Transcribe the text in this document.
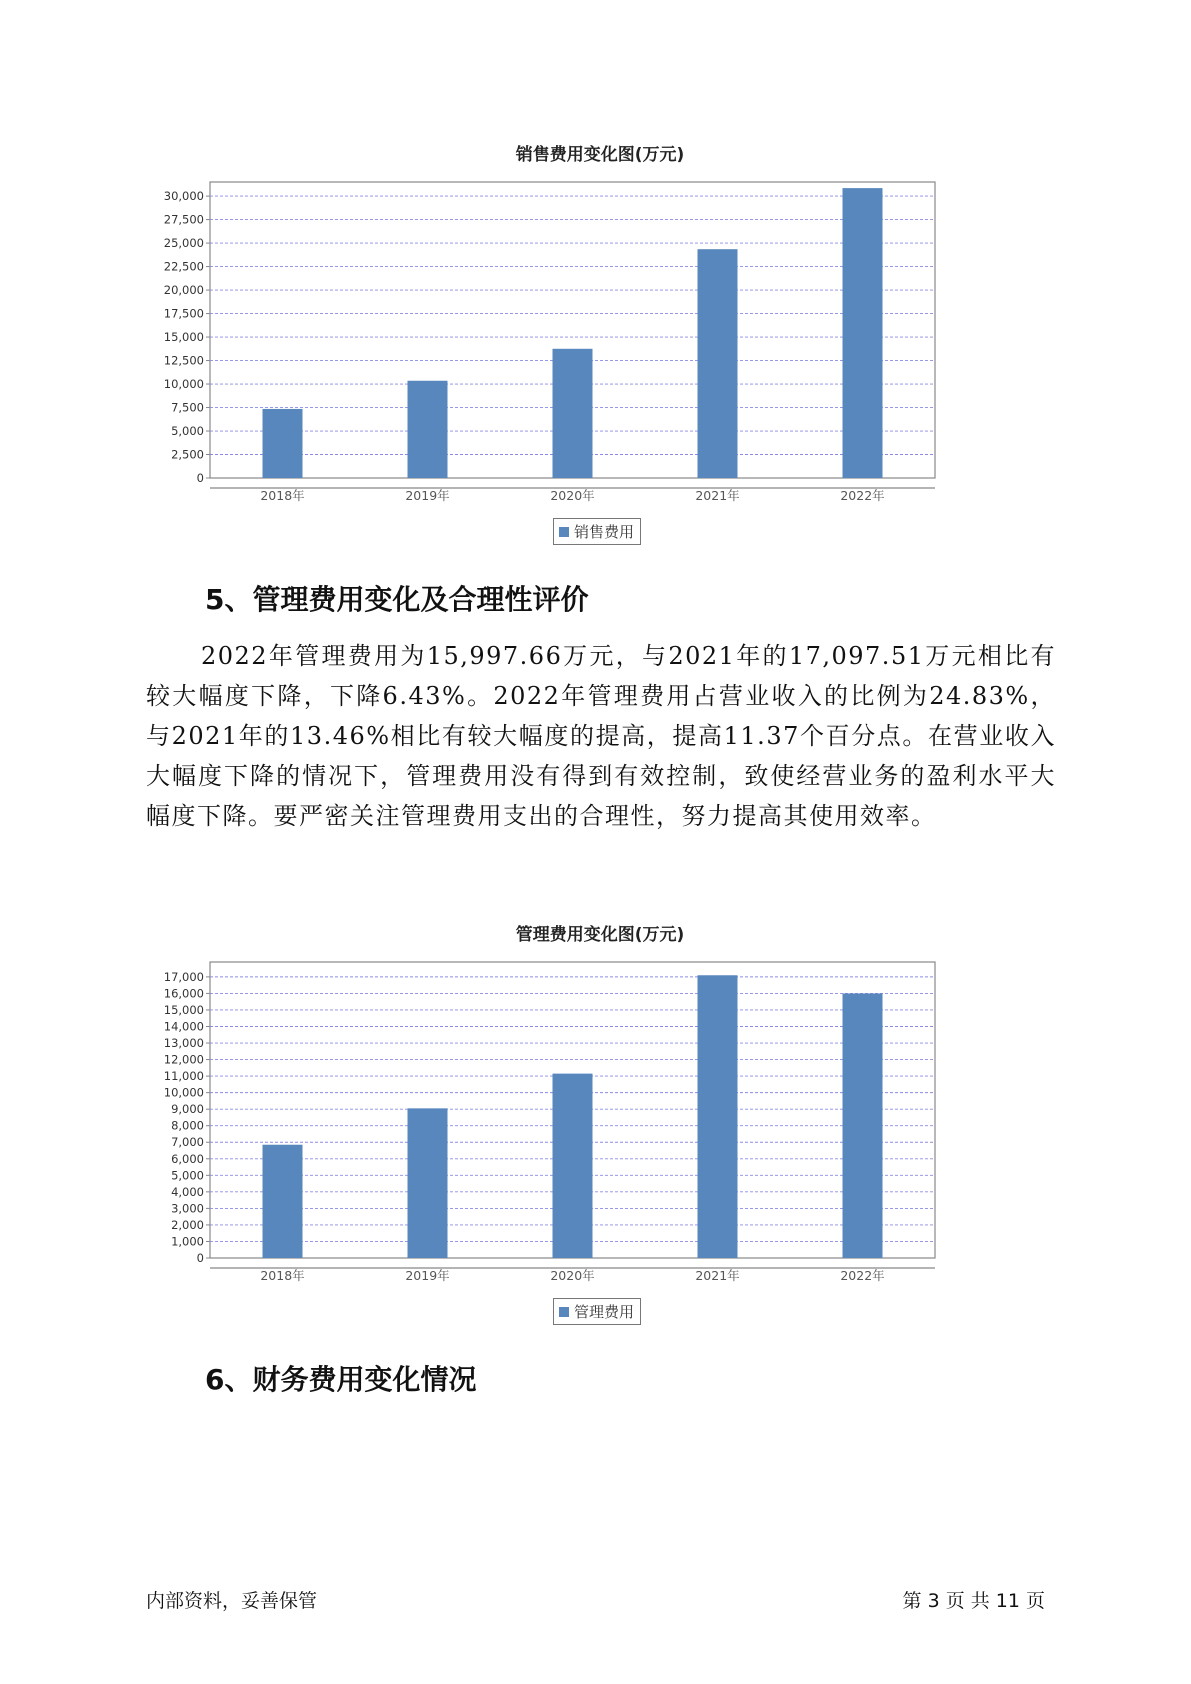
销售费用变化图(万元)
0
2,500
5,000
7,500
10,000
12,500
15,000
17,500
20,000
22,500
25,000
27,500
30,000
2018年	2019年	2020年	2021年	2022年
销售费用
5、管理费用变化及合理性评价
2022年管理费用为15,997.66万元，与2021年的17,097.51万元相比有较大幅度下降，下降6.43%。2022年管理费用占营业收入的比例为24.83%，与2021年的13.46%相比有较大幅度的提高，提高11.37个百分点。在营业收入大幅度下降的情况下，管理费用没有得到有效控制，致使经营业务的盈利水平大幅度下降。要严密关注管理费用支出的合理性，努力提高其使用效率。
管理费用变化图(万元)
0
1,000
2,000
3,000
4,000
5,000
6,000
7,000
8,000
9,000
10,000
11,000
12,000
13,000
14,000
15,000
16,000
17,000
2018年	2019年	2020年	2021年	2022年
管理费用
6、财务费用变化情况
内部资料，妥善保管	第 3 页 共 11 页
